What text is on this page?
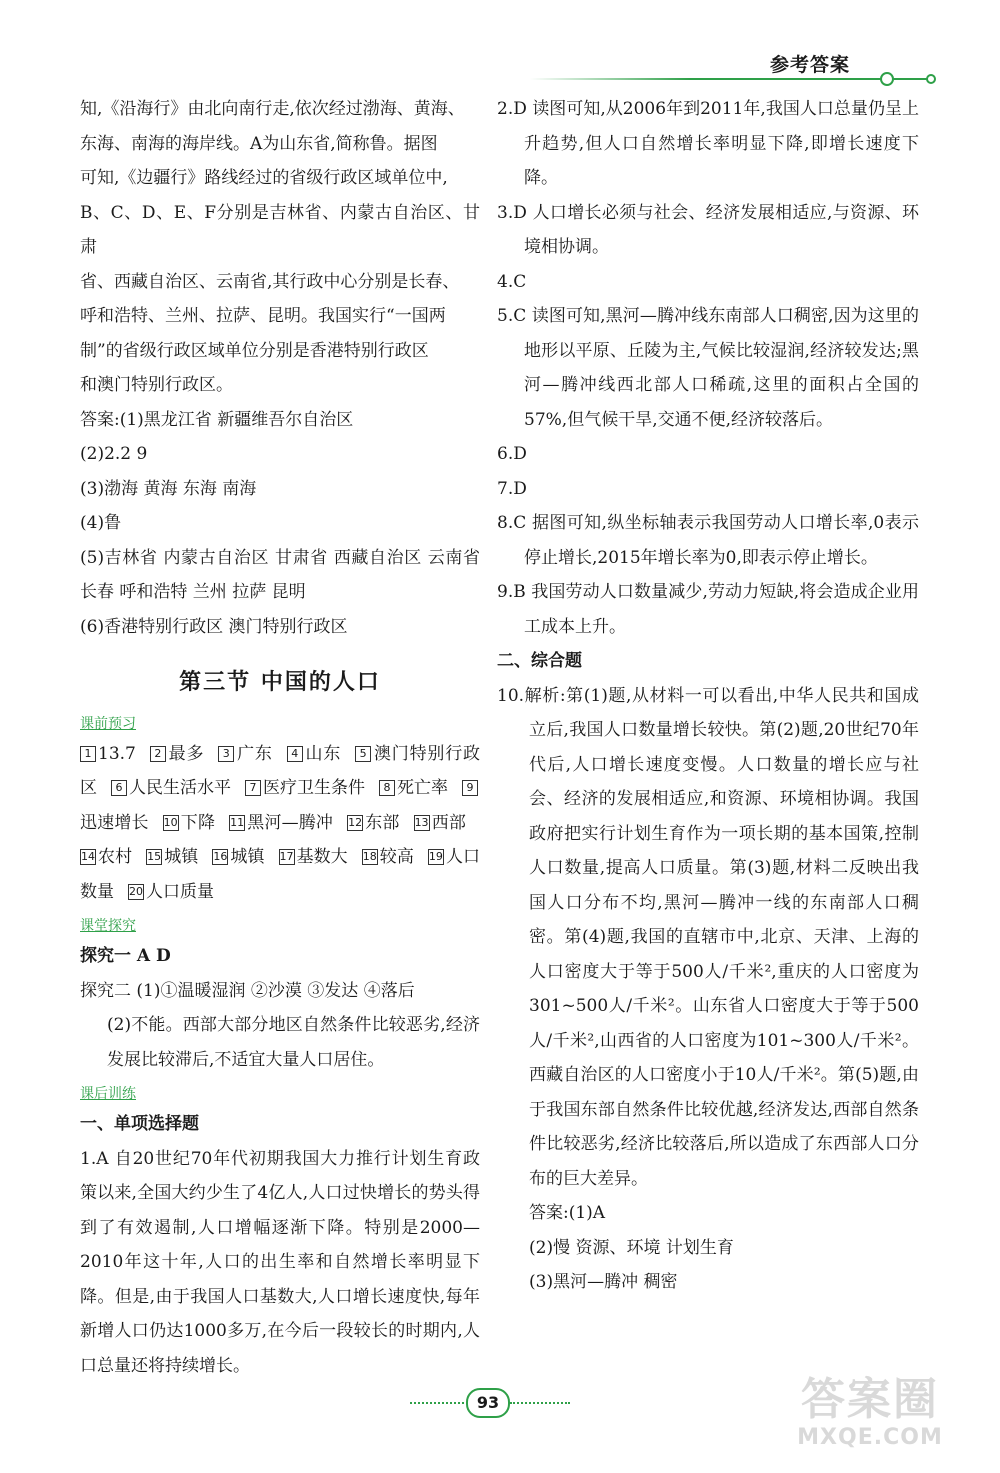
参考答案

知,《沿海行》由北向南行走,依次经过渤海、黄海、

东海、南海的海岸线。A为山东省,简称鲁。据图

可知,《边疆行》路线经过的省级行政区域单位中,

B、C、D、E、F分别是吉林省、内蒙古自治区、甘肃

省、西藏自治区、云南省,其行政中心分别是长春、

呼和浩特、兰州、拉萨、昆明。我国实行“一国两

制”的省级行政区域单位分别是香港特别行政区

和澳门特别行政区。

答案:(1)黑龙江省 新疆维吾尔自治区

(2)2.2 9

(3)渤海 黄海 东海 南海

(4)鲁

(5)吉林省 内蒙古自治区 甘肃省 西藏自治区 云南省 长春 呼和浩特 兰州 拉萨 昆明

(6)香港特别行政区 澳门特别行政区

第三节 中国的人口
课前预习

1 13.7 2 最多 3 广东 4 山东 5 澳门特别行政区 6 人民生活水平 7 医疗卫生条件 8 死亡率 9迅速增长 10 下降 11 黑河—腾冲 12 东部 13 西部14 农村 15 城镇 16 城镇 17 基数大 18 较高 19 人口数量 20 人口质量

课堂探究

探究一 A D

探究二 (1)①温暖湿润 ②沙漠 ③发达 ④落后

(2)不能。西部大部分地区自然条件比较恶劣,经济发展比较滞后,不适宜大量人口居住。

课后训练

一、单项选择题

1.A 自20世纪70年代初期我国大力推行计划生育政策以来,全国大约少生了4亿人,人口过快增长的势头得到了有效遏制,人口增幅逐渐下降。特别是2000—2010年这十年,人口的出生率和自然增长率明显下降。但是,由于我国人口基数大,人口增长速度快,每年新增人口仍达1000多万,在今后一段较长的时期内,人口总量还将持续增长。

2.D 读图可知,从2006年到2011年,我国人口总量仍呈上升趋势,但人口自然增长率明显下降,即增长速度下降。

3.D 人口增长必须与社会、经济发展相适应,与资源、环境相协调。

4.C

5.C 读图可知,黑河—腾冲线东南部人口稠密,因为这里的地形以平原、丘陵为主,气候比较湿润,经济较发达;黑河—腾冲线西北部人口稀疏,这里的面积占全国的57%,但气候干旱,交通不便,经济较落后。

6.D

7.D

8.C 据图可知,纵坐标轴表示我国劳动人口增长率,0表示停止增长,2015年增长率为0,即表示停止增长。

9.B 我国劳动人口数量减少,劳动力短缺,将会造成企业用工成本上升。

二、综合题

10.解析:第(1)题,从材料一可以看出,中华人民共和国成立后,我国人口数量增长较快。第(2)题,20世纪70年代后,人口增长速度变慢。人口数量的增长应与社会、经济的发展相适应,和资源、环境相协调。我国政府把实行计划生育作为一项长期的基本国策,控制人口数量,提高人口质量。第(3)题,材料二反映出我国人口分布不均,黑河—腾冲一线的东南部人口稠密。第(4)题,我国的直辖市中,北京、天津、上海的人口密度大于等于500人/千米²,重庆的人口密度为301~500人/千米²。山东省人口密度大于等于500人/千米²,山西省的人口密度为101~300人/千米²。西藏自治区的人口密度小于10人/千米²。第(5)题,由于我国东部自然条件比较优越,经济发达,西部自然条件比较恶劣,经济比较落后,所以造成了东西部人口分布的巨大差异。

答案:(1)A

(2)慢 资源、环境 计划生育

(3)黑河—腾冲 稠密

93	答案圈
MXQE.COM
